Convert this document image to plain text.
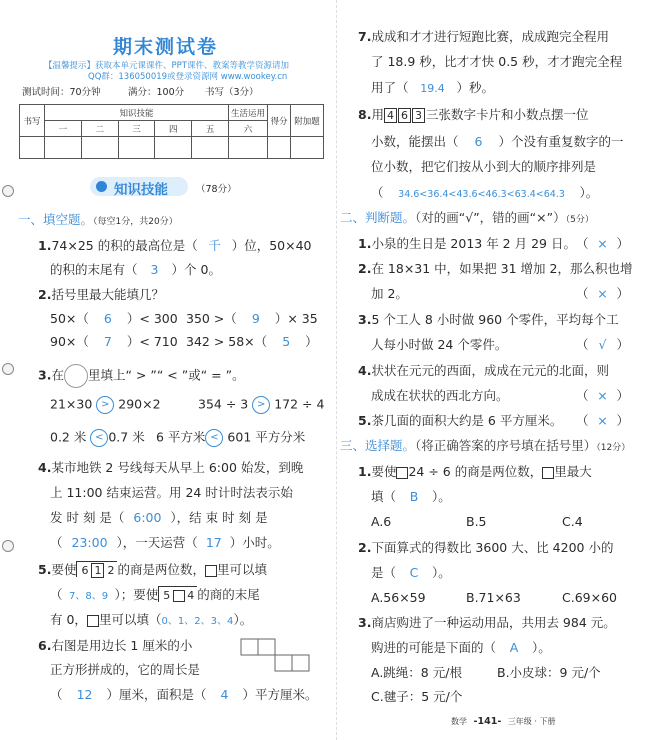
期末测试卷
【温馨提示】获取本单元课课件、PPT课件、教案等教学资源请加
QQ群：136050019或登录资源网 www.wookey.cn
测试时间：70分钟	满分：100分 书写（3分）
书写	知识技能					生活运用	得分	附加题
	一	二	三	四	五	六		

知识技能	（78分）
一、填空题。（每空1分，共20分）
1.74×25 的积的最高位是（ 千 ）位，50×40
的积的末尾有（ 3 ）个 0。
2.括号里最大能填几？
50×（ 6 ）< 300 350 >（ 9 ）× 35
90×（ 7 ）< 710 342 > 58×（ 5 ）
3.在 里填上“ > ”“ < ”或“ = ”。
21×30 > 290×2	354 ÷ 3 > 172 ÷ 4
0.2 米 < 0.7 米 6 平方米 < 601 平方分米
4.某市地铁 2 号线每天从早上 6:00 始发，到晚
上 11:00 结束运营。用 24 时计时法表示始
发 时 刻 是（ 6:00 ），结 束 时 刻 是
（ 23:00 ），一天运营（ 17 ）小时。
5.要使 6 1 2 的商是两位数， 里可以填
（ 7、8、9 ）；要使 5 4 的商的末尾
有 0， 里可以填（0、1、2、3、4）。
6.右图是用边长 1 厘米的小
正方形拼成的，它的周长是
（ 12 ）厘米，面积是（ 4 ）平方厘米。
7.成成和才才进行短跑比赛，成成跑完全程用
了 18.9 秒，比才才快 0.5 秒，才才跑完全程
用了（ 19.4 ）秒。
8.用 4 6 3 三张数字卡片和小数点摆一位
小数，能摆出（ 6 ）个没有重复数字的一
位小数，把它们按从小到大的顺序排列是
（ 34.6<36.4<43.6<46.3<63.4<64.3 ）。
二、判断题。（对的画“√”，错的画“×”）（5分）
1.小泉的生日是 2013 年 2 月 29 日。 （ × ）
2.在 18×31 中，如果把 31 增加 2，那么积也增
加 2。	（ × ）
3.5 个工人 8 小时做 960 个零件，平均每个工
人每小时做 24 个零件。	（ √ ）
4.状状在元元的西面，成成在元元的北面，则
成成在状状的西北方向。	（ × ）
5.茶几面的面积大约是 6 平方厘米。 （ × ）
三、选择题。（将正确答案的序号填在括号里）（12分）
1.要使 24 ÷ 6 的商是两位数， 里最大
填（ B ）。
A.6	B.5	C.4
2.下面算式的得数比 3600 大、比 4200 小的
是（ C ）。
A.56×59	B.71×63	C.69×60
3.商店购进了一种运动用品，共用去 984 元。
购进的可能是下面的（ A ）。
A.跳绳：8 元/根	B.小皮球：9 元/个
C.毽子：5 元/个
数学 -141- 三年级 · 下册
